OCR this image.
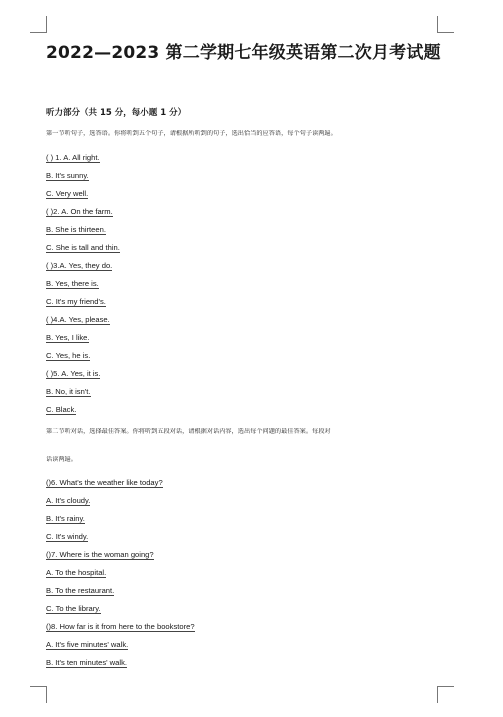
2022—2023 第二学期七年级英语第二次月考试题
听力部分（共 15 分，每小题 1 分）
第一节听句子，选答语。你将听到五个句子，请根据所听到的句子，选出恰当的应答语，每个句子读两遍。
( ) 1. A. All right.
B. It's sunny.
C. Very well.
( )2. A. On the farm.
B. She is thirteen.
C. She is tall and thin.
( )3.A. Yes, they do.
B. Yes, there is.
C. It's my friend's.
( )4.A. Yes, please.
B. Yes, I like.
C. Yes, he is.
( )5. A. Yes, it is.
B. No, it isn't.
C. Black.
第二节听对话，选择最佳答案。你将听到五段对话，请根据对话内容，选出每个问题的最佳答案。每段对
话读两遍。
()6. What's the weather like today?
A. It's cloudy.
B. It's rainy.
C. It's windy.
()7. Where is the woman going?
A. To the hospital.
B. To the restaurant.
C. To the library.
()8. How far is it from here to the bookstore?
A. It's five minutes' walk.
B. It's ten minutes' walk.
